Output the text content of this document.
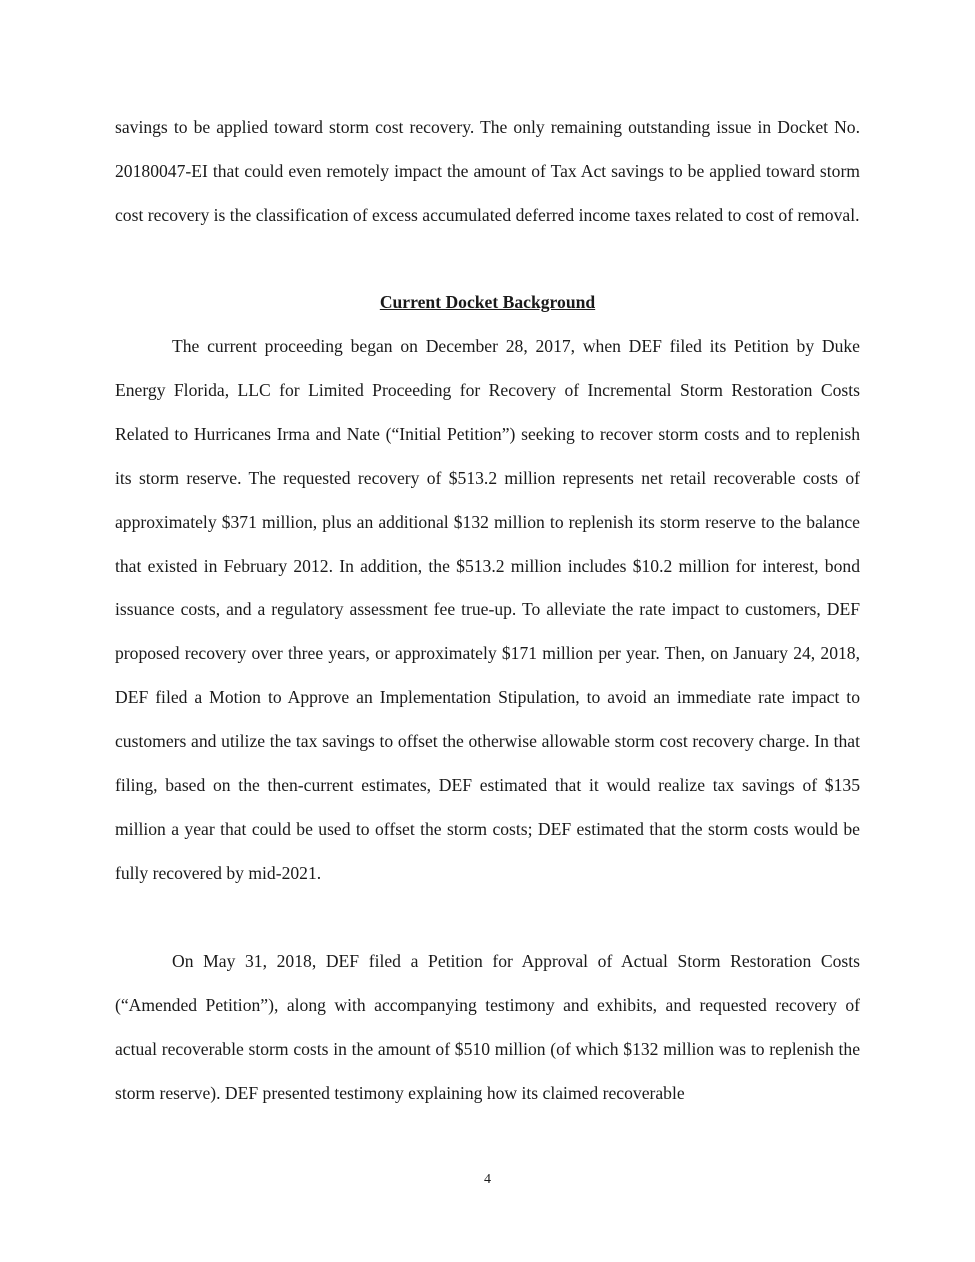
savings to be applied toward storm cost recovery. The only remaining outstanding issue in Docket No. 20180047-EI that could even remotely impact the amount of Tax Act savings to be applied toward storm cost recovery is the classification of excess accumulated deferred income taxes related to cost of removal.

Current Docket Background

The current proceeding began on December 28, 2017, when DEF filed its Petition by Duke Energy Florida, LLC for Limited Proceeding for Recovery of Incremental Storm Restoration Costs Related to Hurricanes Irma and Nate (“Initial Petition”) seeking to recover storm costs and to replenish its storm reserve. The requested recovery of $513.2 million represents net retail recoverable costs of approximately $371 million, plus an additional $132 million to replenish its storm reserve to the balance that existed in February 2012. In addition, the $513.2 million includes $10.2 million for interest, bond issuance costs, and a regulatory assessment fee true-up. To alleviate the rate impact to customers, DEF proposed recovery over three years, or approximately $171 million per year. Then, on January 24, 2018, DEF filed a Motion to Approve an Implementation Stipulation, to avoid an immediate rate impact to customers and utilize the tax savings to offset the otherwise allowable storm cost recovery charge. In that filing, based on the then-current estimates, DEF estimated that it would realize tax savings of $135 million a year that could be used to offset the storm costs; DEF estimated that the storm costs would be fully recovered by mid-2021.

On May 31, 2018, DEF filed a Petition for Approval of Actual Storm Restoration Costs (“Amended Petition”), along with accompanying testimony and exhibits, and requested recovery of actual recoverable storm costs in the amount of $510 million (of which $132 million was to replenish the storm reserve). DEF presented testimony explaining how its claimed recoverable

4
